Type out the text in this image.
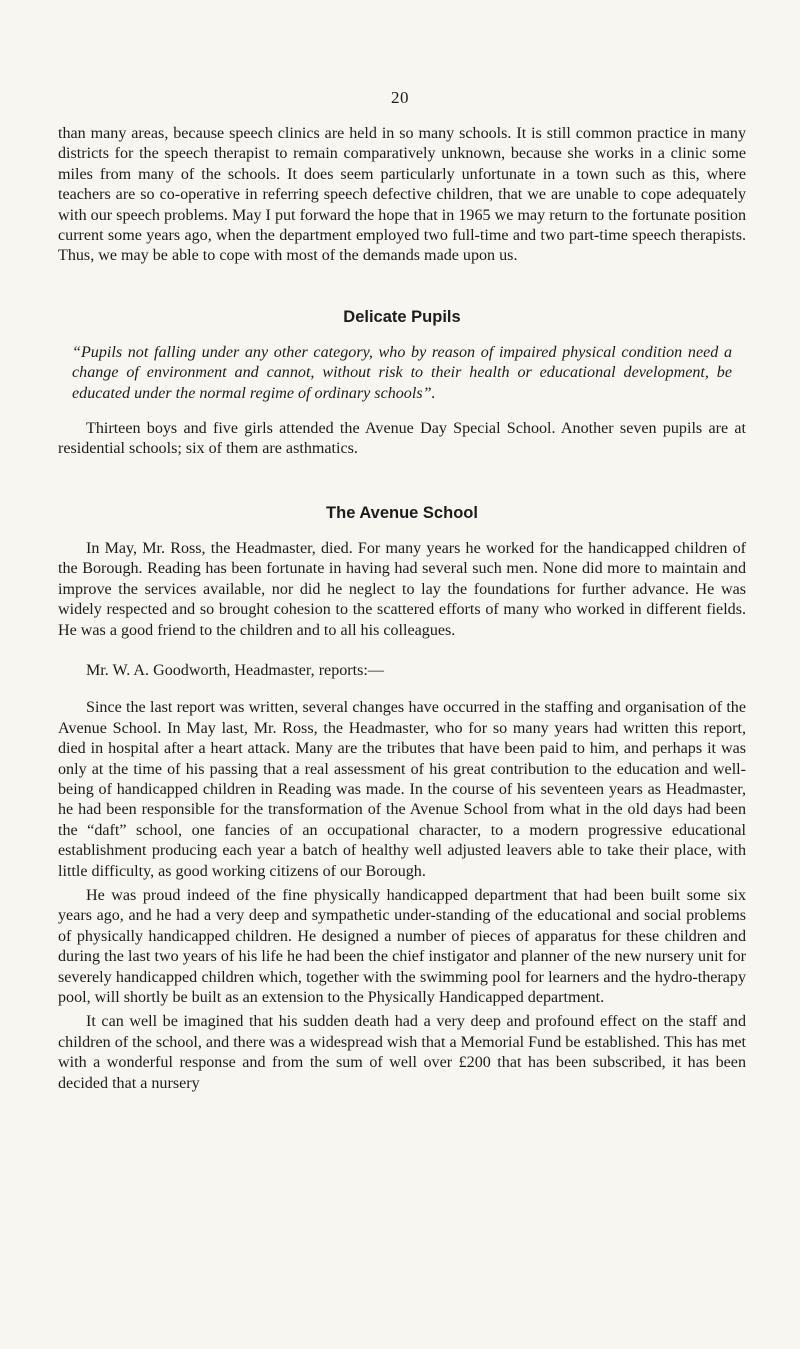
20

than many areas, because speech clinics are held in so many schools. It is still common practice in many districts for the speech therapist to remain comparatively unknown, because she works in a clinic some miles from many of the schools. It does seem particularly unfortunate in a town such as this, where teachers are so co-operative in referring speech defective children, that we are unable to cope adequately with our speech problems. May I put forward the hope that in 1965 we may return to the fortunate position current some years ago, when the department employed two full-time and two part-time speech therapists. Thus, we may be able to cope with most of the demands made upon us.

Delicate Pupils

“Pupils not falling under any other category, who by reason of impaired physical condition need a change of environment and cannot, without risk to their health or educational development, be educated under the normal regime of ordinary schools”.

Thirteen boys and five girls attended the Avenue Day Special School. Another seven pupils are at residential schools; six of them are asthmatics.

The Avenue School

In May, Mr. Ross, the Headmaster, died. For many years he worked for the handicapped children of the Borough. Reading has been fortunate in having had several such men. None did more to maintain and improve the services available, nor did he neglect to lay the foundations for further advance. He was widely respected and so brought cohesion to the scattered efforts of many who worked in different fields. He was a good friend to the children and to all his colleagues.

Mr. W. A. Goodworth, Headmaster, reports:—

Since the last report was written, several changes have occurred in the staffing and organisation of the Avenue School. In May last, Mr. Ross, the Headmaster, who for so many years had written this report, died in hospital after a heart attack. Many are the tributes that have been paid to him, and perhaps it was only at the time of his passing that a real assessment of his great contribution to the education and well-being of handicapped children in Reading was made. In the course of his seventeen years as Headmaster, he had been responsible for the transformation of the Avenue School from what in the old days had been the “daft” school, one fancies of an occupational character, to a modern progressive educational establishment producing each year a batch of healthy well adjusted leavers able to take their place, with little difficulty, as good working citizens of our Borough.

He was proud indeed of the fine physically handicapped department that had been built some six years ago, and he had a very deep and sympathetic under-standing of the educational and social problems of physically handicapped children. He designed a number of pieces of apparatus for these children and during the last two years of his life he had been the chief instigator and planner of the new nursery unit for severely handicapped children which, together with the swimming pool for learners and the hydro-therapy pool, will shortly be built as an extension to the Physically Handicapped department.

It can well be imagined that his sudden death had a very deep and profound effect on the staff and children of the school, and there was a widespread wish that a Memorial Fund be established. This has met with a wonderful response and from the sum of well over £200 that has been subscribed, it has been decided that a nursery
